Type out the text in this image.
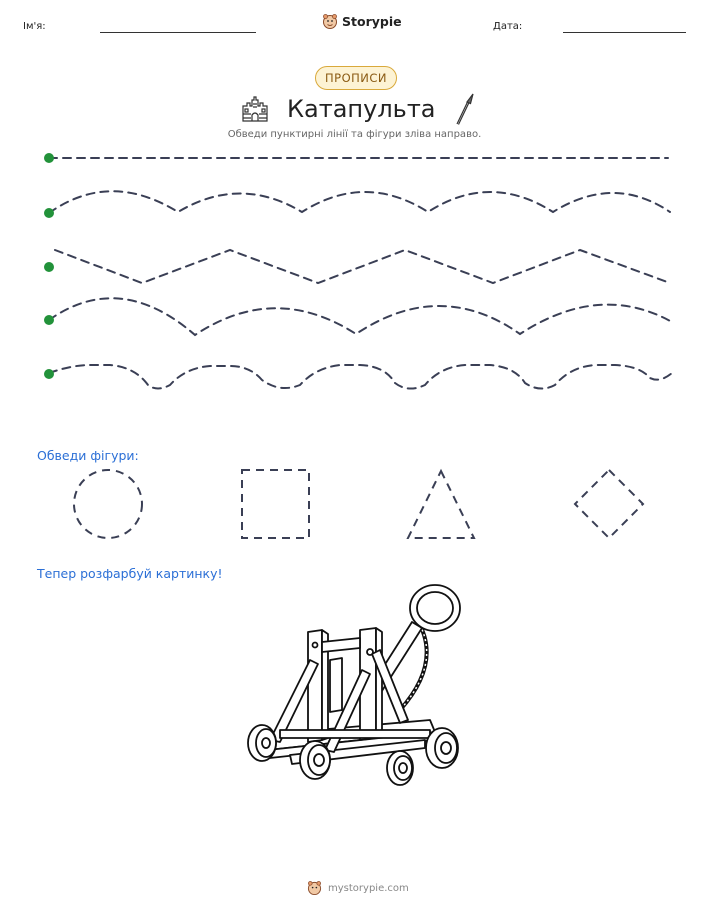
Ім'я:	Storypie	Дата:
ПРОПИСИ
Катапульта
Обведи пунктирні лінії та фігури зліва направо.
Обведи фігури:
Тепер розфарбуй картинку!
mystorypie.com
